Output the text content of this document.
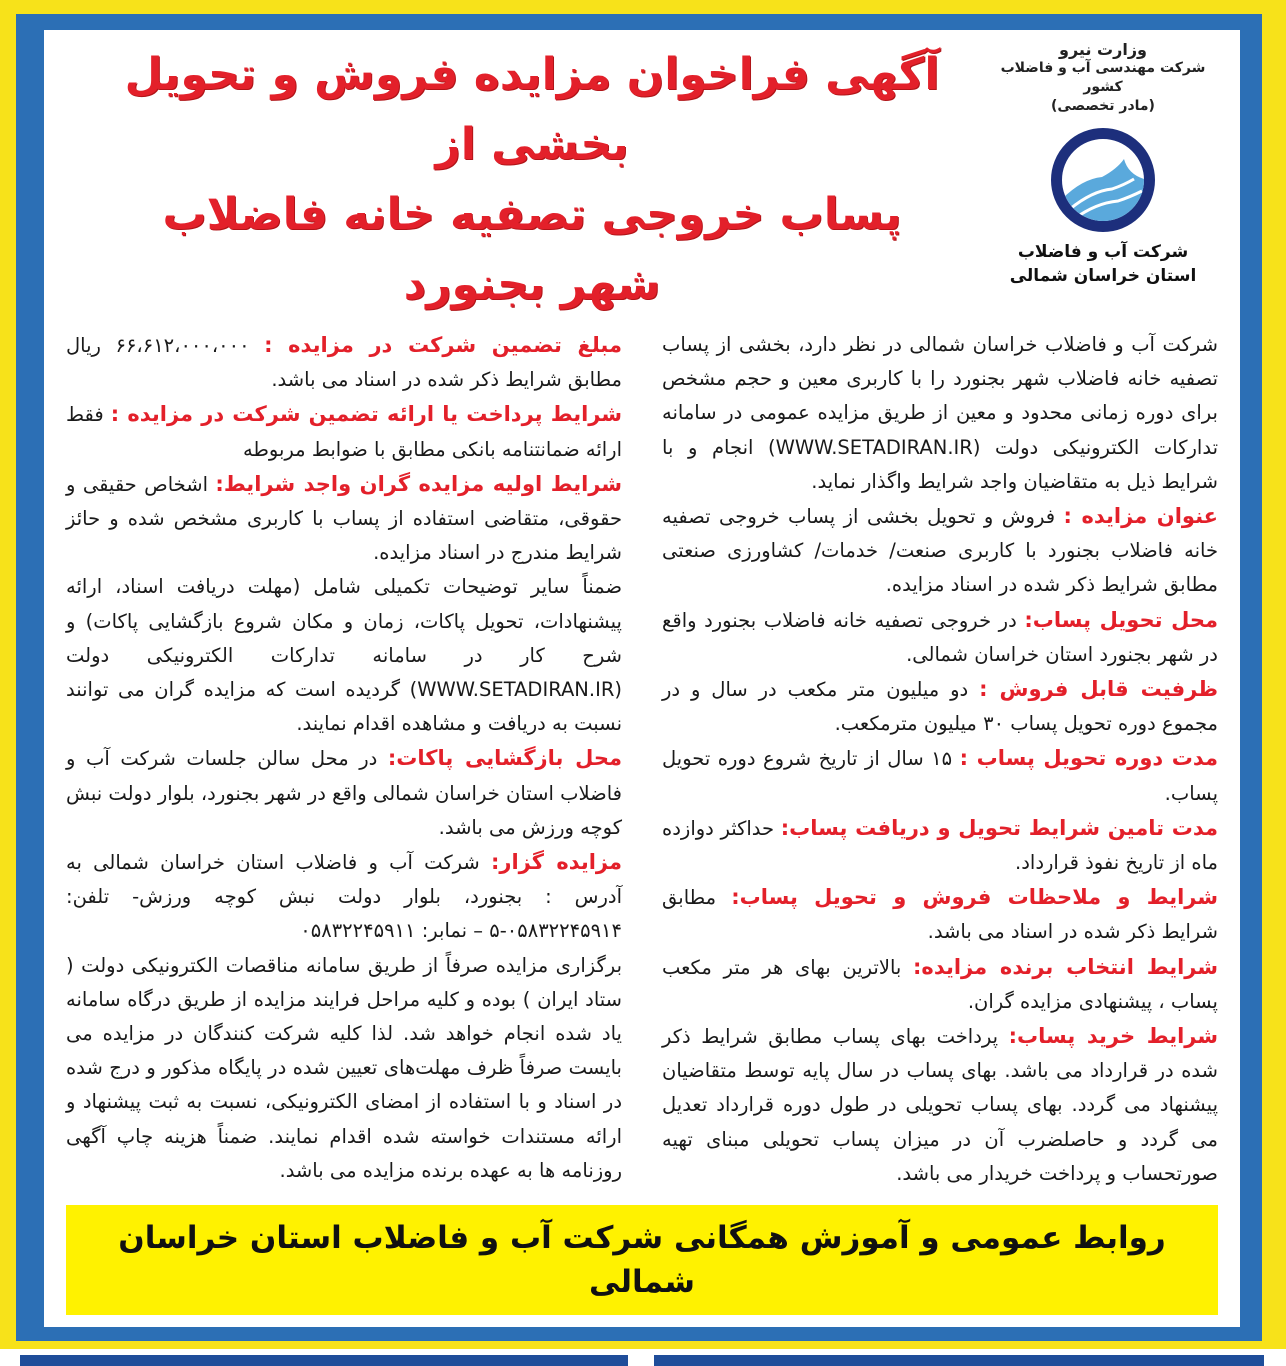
وزارت نیرو
شرکت مهندسی آب و فاضلاب کشور
(مادر تخصصی)
شرکت آب و فاضلاب
استان خراسان شمالی
آگهی فراخوان مزایده فروش و تحویل بخشی از
پساب خروجی تصفیه خانه فاضلاب
شهر بجنورد

شرکت آب و فاضلاب خراسان شمالی در نظر دارد، بخشی از پساب تصفیه خانه فاضلاب شهر بجنورد را با کاربری معین و حجم مشخص برای دوره زمانی محدود و معین از طریق مزایده عمومی در سامانه تدارکات الکترونیکی دولت (WWW.SETADIRAN.IR) انجام و با شرایط ذیل به متقاضیان واجد شرایط واگذار نماید.

عنوان مزایده : فروش و تحویل بخشی از پساب خروجی تصفیه خانه فاضلاب بجنورد با کاربری صنعت/ خدمات/ کشاورزی صنعتی مطابق شرایط ذکر شده در اسناد مزایده.

محل تحویل پساب: در خروجی تصفیه خانه فاضلاب بجنورد واقع در شهر بجنورد استان خراسان شمالی.

ظرفیت قابل فروش : دو میلیون متر مکعب در سال و در مجموع دوره تحویل پساب ۳۰ میلیون مترمکعب.

مدت دوره تحویل پساب : ۱۵ سال از تاریخ شروع دوره تحویل پساب.

مدت تامین شرایط تحویل و دریافت پساب: حداکثر دوازده ماه از تاریخ نفوذ قرارداد.

شرایط و ملاحظات فروش و تحویل پساب: مطابق شرایط ذکر شده در اسناد می باشد.

شرایط انتخاب برنده مزایده: بالاترین بهای هر متر مکعب پساب ، پیشنهادی مزایده گران.

شرایط خرید پساب: پرداخت بهای پساب مطابق شرایط ذکر شده در قرارداد می باشد. بهای پساب در سال پایه توسط متقاضیان پیشنهاد می گردد. بهای پساب تحویلی در طول دوره قرارداد تعدیل می گردد و حاصلضرب آن در میزان پساب تحویلی مبنای تهیه صورتحساب و پرداخت خریدار می باشد.

مبلغ تضمین شرکت در مزایده : ۶۶،۶۱۲،۰۰۰،۰۰۰ ریال مطابق شرایط ذکر شده در اسناد می باشد.

شرایط پرداخت یا ارائه تضمین شرکت در مزایده : فقط ارائه ضمانتنامه بانکی مطابق با ضوابط مربوطه

شرایط اولیه مزایده گران واجد شرایط: اشخاص حقیقی و حقوقی، متقاضی استفاده از پساب با کاربری مشخص شده و حائز شرایط مندرج در اسناد مزایده.

ضمناً سایر توضیحات تکمیلی شامل (مهلت دریافت اسناد، ارائه پیشنهادات، تحویل پاکات، زمان و مکان شروع بازگشایی پاکات) و شرح کار در سامانه تدارکات الکترونیکی دولت (WWW.SETADIRAN.IR) گردیده است که مزایده گران می توانند نسبت به دریافت و مشاهده اقدام نمایند.

محل بازگشایی پاکات: در محل سالن جلسات شرکت آب و فاضلاب استان خراسان شمالی واقع در شهر بجنورد، بلوار دولت نبش کوچه ورزش می باشد.

مزایده گزار: شرکت آب و فاضلاب استان خراسان شمالی به آدرس : بجنورد، بلوار دولت نبش کوچه ورزش- تلفن: ۰۵۸۳۲۲۴۵۹۱۴-۵ – نمابر: ۰۵۸۳۲۲۴۵۹۱۱

برگزاری مزایده صرفاً از طریق سامانه مناقصات الکترونیکی دولت ( ستاد ایران ) بوده و کلیه مراحل فرایند مزایده از طریق درگاه سامانه یاد شده انجام خواهد شد. لذا کلیه شرکت کنندگان در مزایده می بایست صرفاً ظرف مهلت‌های تعیین شده در پایگاه مذکور و درج شده در اسناد و با استفاده از امضای الکترونیکی، نسبت به ثبت پیشنهاد و ارائه مستندات خواسته شده اقدام نمایند. ضمناً هزینه چاپ آگهی روزنامه ها به عهده برنده مزایده می باشد.

روابط عمومی و آموزش همگانی شرکت آب و فاضلاب استان خراسان شمالی
